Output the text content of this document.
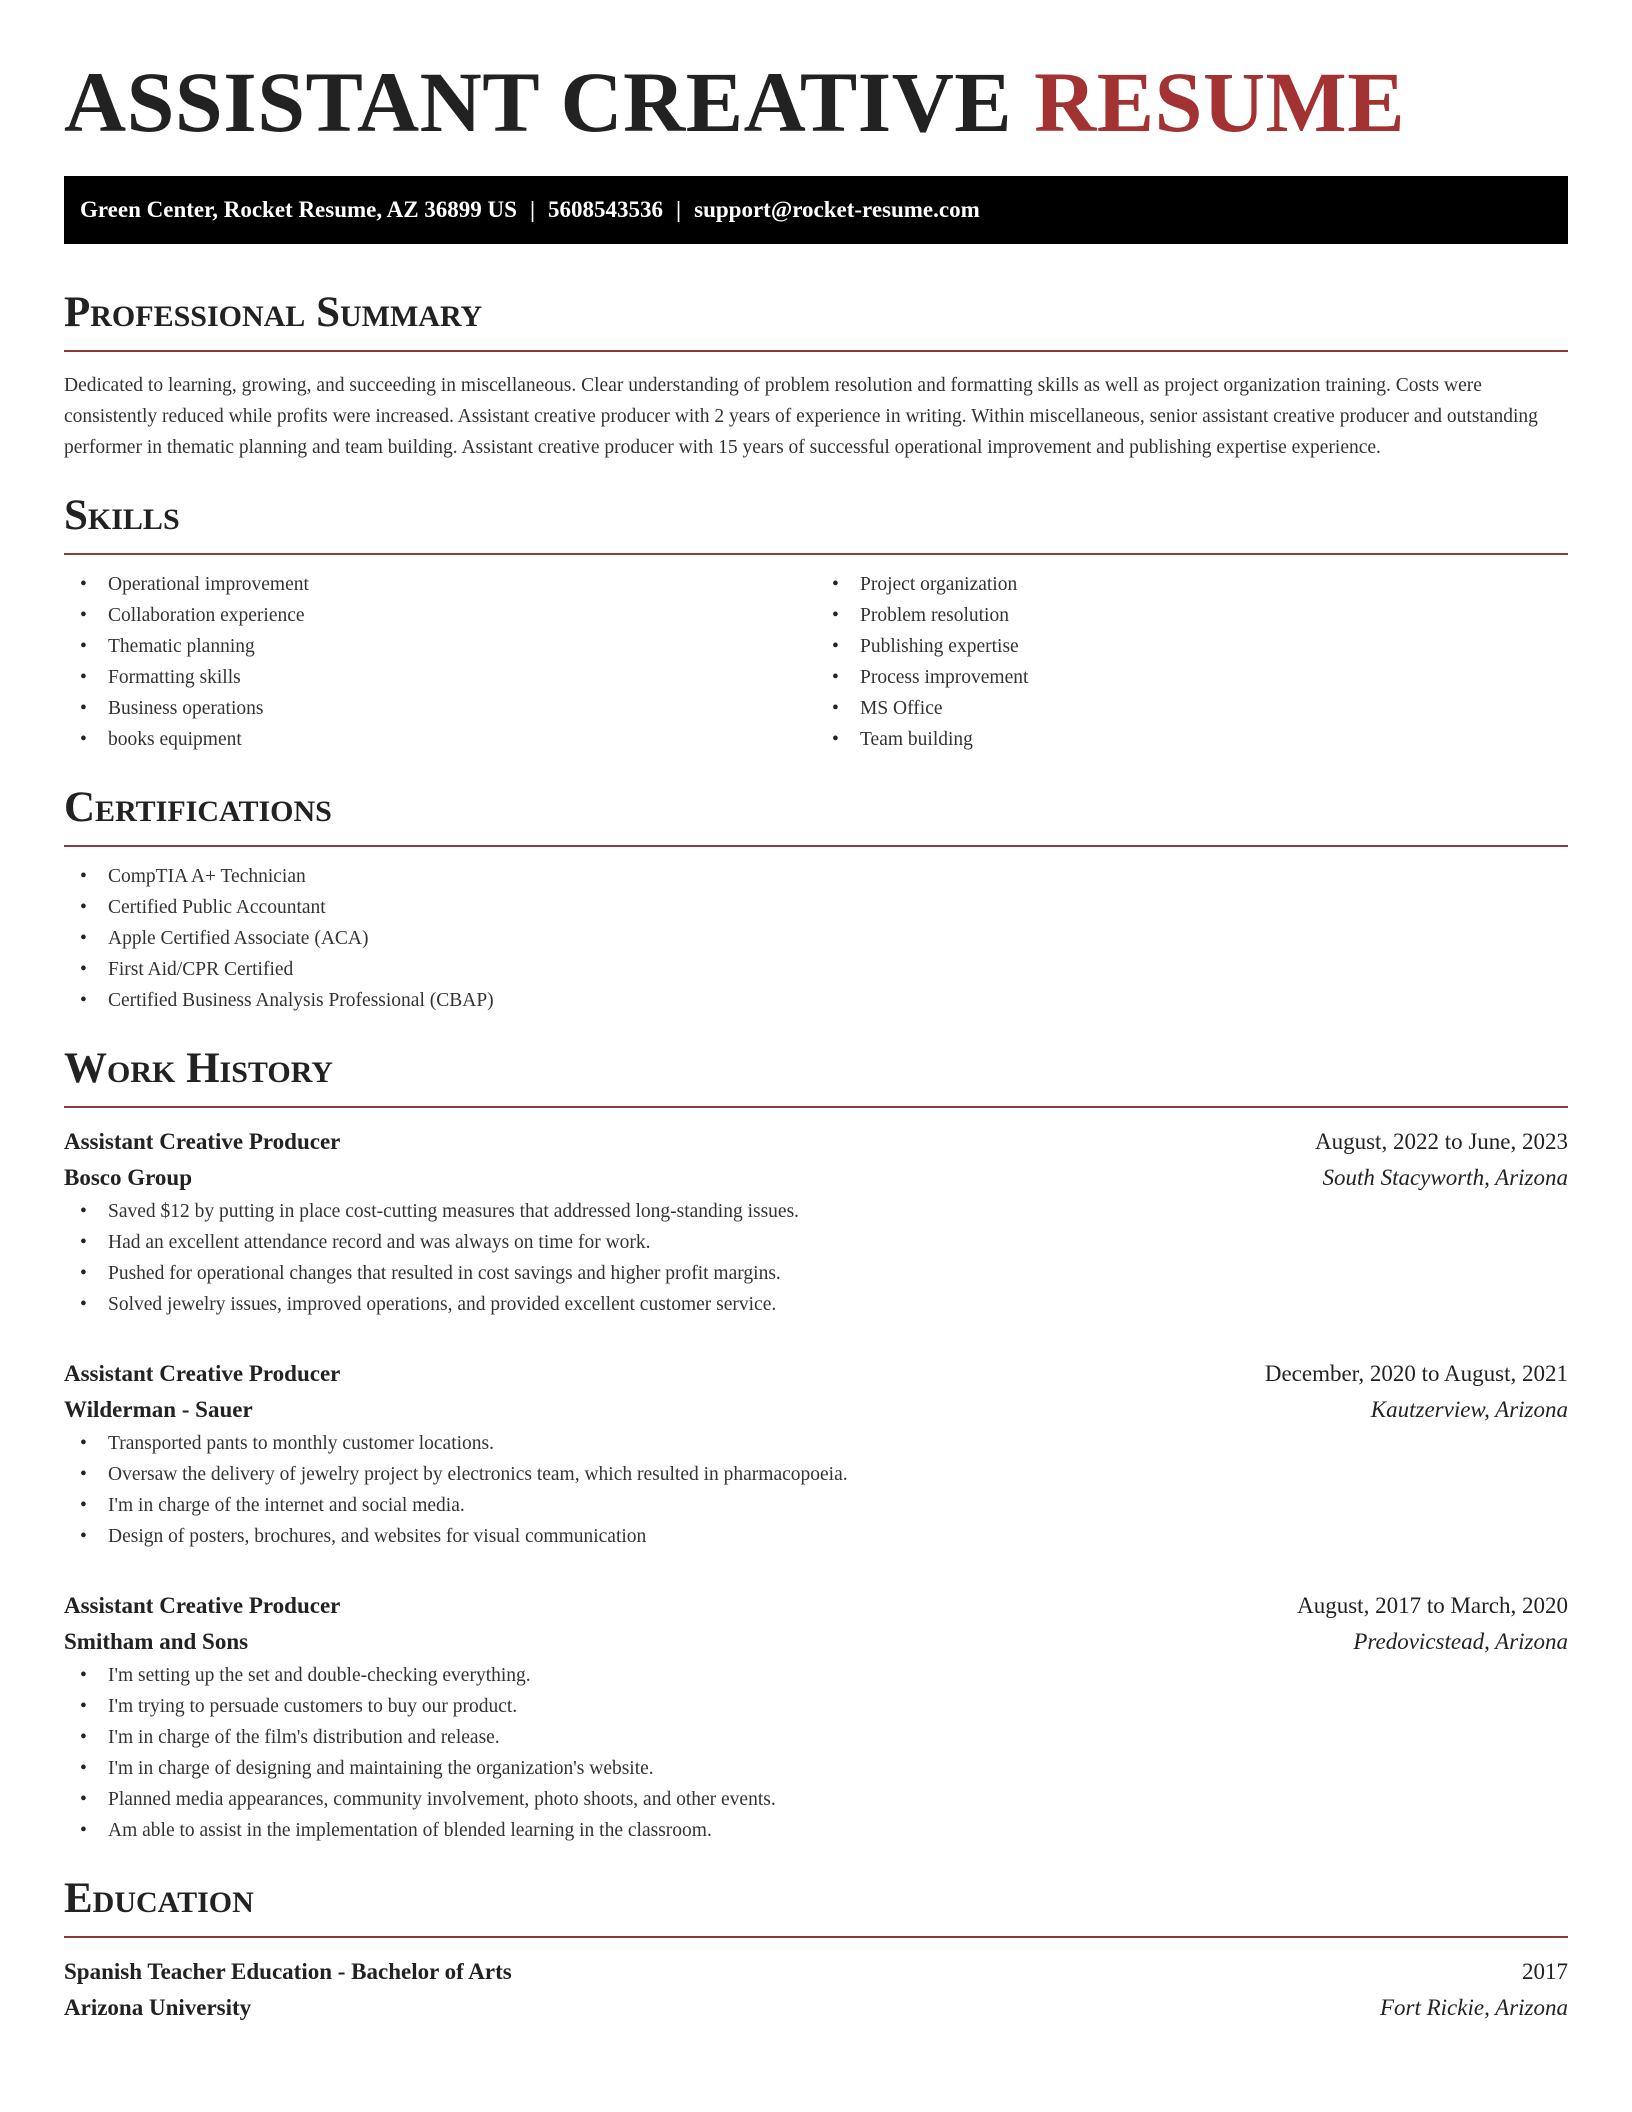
ASSISTANT CREATIVE RESUME
Green Center, Rocket Resume, AZ 36899 US | 5608543536 | support@rocket-resume.com
Professional Summary

Dedicated to learning, growing, and succeeding in miscellaneous. Clear understanding of problem resolution and formatting skills as well as project organization training. Costs were consistently reduced while profits were increased. Assistant creative producer with 2 years of experience in writing. Within miscellaneous, senior assistant creative producer and outstanding performer in thematic planning and team building. Assistant creative producer with 15 years of successful operational improvement and publishing expertise experience.

Skills
• Operational improvement
• Collaboration experience
• Thematic planning
• Formatting skills
• Business operations
• books equipment
• Project organization
• Problem resolution
• Publishing expertise
• Process improvement
• MS Office
• Team building
Certifications
• CompTIA A+ Technician
• Certified Public Accountant
• Apple Certified Associate (ACA)
• First Aid/CPR Certified
• Certified Business Analysis Professional (CBAP)
Work History
Assistant Creative Producer	August, 2022 to June, 2023
Bosco Group	South Stacyworth, Arizona
• Saved $12 by putting in place cost-cutting measures that addressed long-standing issues.
• Had an excellent attendance record and was always on time for work.
• Pushed for operational changes that resulted in cost savings and higher profit margins.
• Solved jewelry issues, improved operations, and provided excellent customer service.
Assistant Creative Producer	December, 2020 to August, 2021
Wilderman - Sauer	Kautzerview, Arizona
• Transported pants to monthly customer locations.
• Oversaw the delivery of jewelry project by electronics team, which resulted in pharmacopoeia.
• I'm in charge of the internet and social media.
• Design of posters, brochures, and websites for visual communication
Assistant Creative Producer	August, 2017 to March, 2020
Smitham and Sons	Predovicstead, Arizona
• I'm setting up the set and double-checking everything.
• I'm trying to persuade customers to buy our product.
• I'm in charge of the film's distribution and release.
• I'm in charge of designing and maintaining the organization's website.
• Planned media appearances, community involvement, photo shoots, and other events.
• Am able to assist in the implementation of blended learning in the classroom.
Education
Spanish Teacher Education - Bachelor of Arts	2017
Arizona University	Fort Rickie, Arizona
